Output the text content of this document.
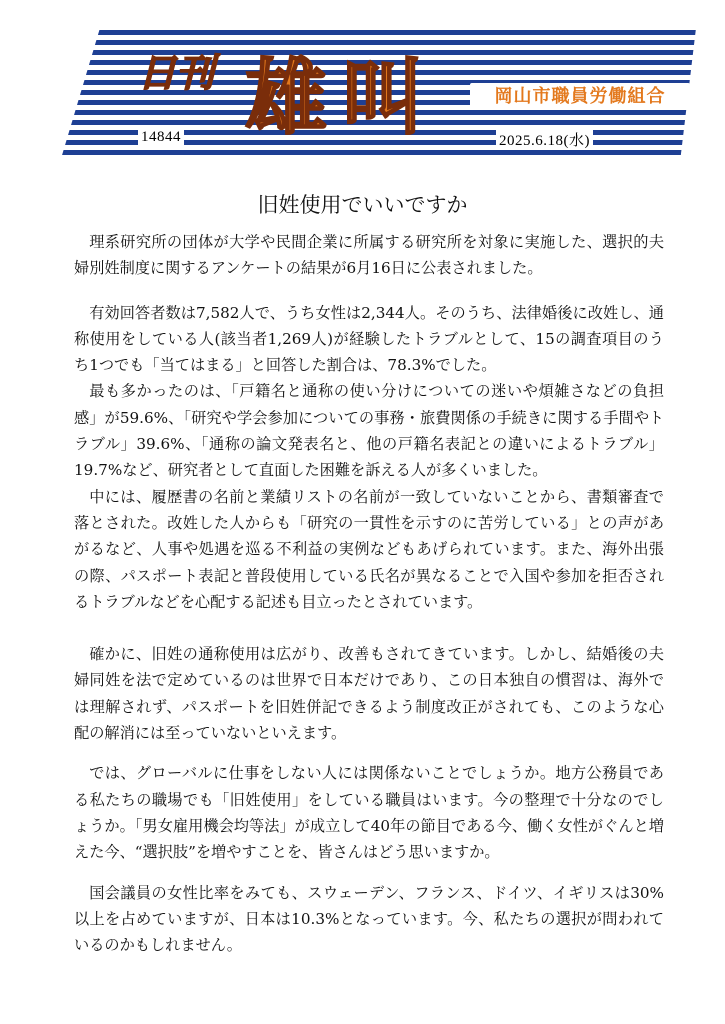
日刊 雄 叫	岡山市職員労働組合
14844	2025.6.18(水)
旧姓使用でいいですか

理系研究所の団体が大学や民間企業に所属する研究所を対象に実施した、選択的夫婦別姓制度に関するアンケートの結果が6月16日に公表されました。

有効回答者数は7,582人で、うち女性は2,344人。そのうち、法律婚後に改姓し、通称使用をしている人(該当者1,269人)が経験したトラブルとして、15の調査項目のうち1つでも「当てはまる」と回答した割合は、78.3%でした。

最も多かったのは、「戸籍名と通称の使い分けについての迷いや煩雑さなどの負担感」が59.6%、「研究や学会参加についての事務・旅費関係の手続きに関する手間やトラブル」39.6%、「通称の論文発表名と、他の戸籍名表記との違いによるトラブル」19.7%など、研究者として直面した困難を訴える人が多くいました。

中には、履歴書の名前と業績リストの名前が一致していないことから、書類審査で落とされた。改姓した人からも「研究の一貫性を示すのに苦労している」との声があがるなど、人事や処遇を巡る不利益の実例などもあげられています。また、海外出張の際、パスポート表記と普段使用している氏名が異なることで入国や参加を拒否されるトラブルなどを心配する記述も目立ったとされています。

確かに、旧姓の通称使用は広がり、改善もされてきています。しかし、結婚後の夫婦同姓を法で定めているのは世界で日本だけであり、この日本独自の慣習は、海外では理解されず、パスポートを旧姓併記できるよう制度改正がされても、このような心配の解消には至っていないといえます。

では、グローバルに仕事をしない人には関係ないことでしょうか。地方公務員である私たちの職場でも「旧姓使用」をしている職員はいます。今の整理で十分なのでしょうか。「男女雇用機会均等法」が成立して40年の節目である今、働く女性がぐんと増えた今、“選択肢”を増やすことを、皆さんはどう思いますか。

国会議員の女性比率をみても、スウェーデン、フランス、ドイツ、イギリスは30%以上を占めていますが、日本は10.3%となっています。今、私たちの選択が問われているのかもしれません。
